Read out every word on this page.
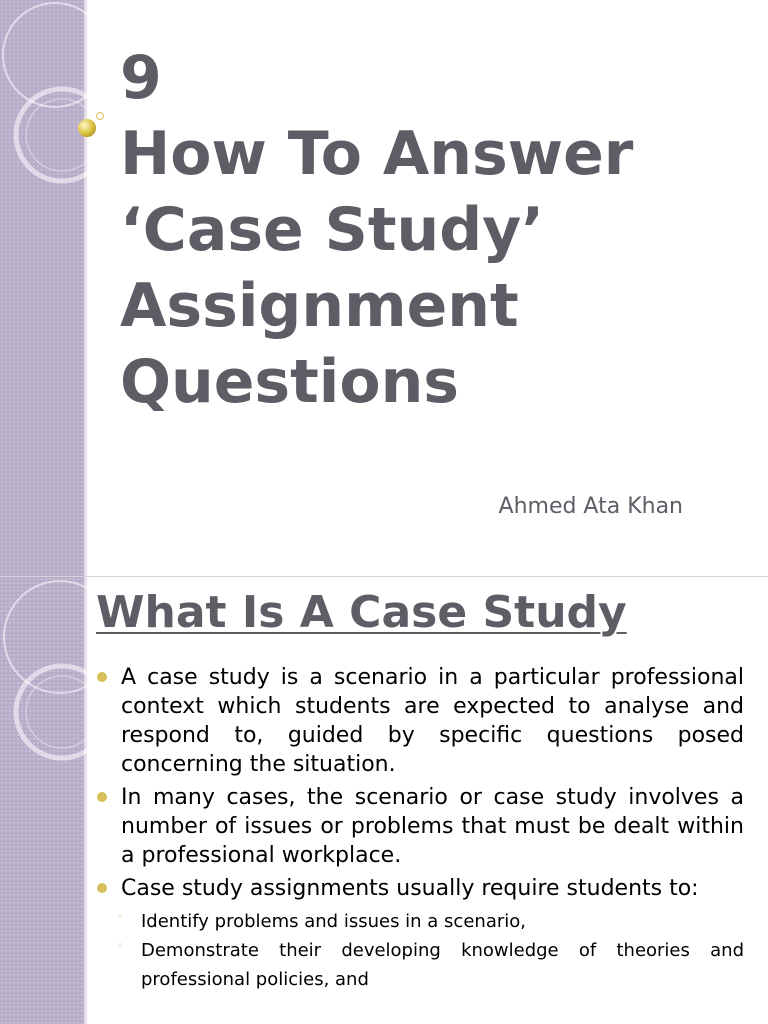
9
How To Answer
‘Case Study’
Assignment
Questions

Ahmed Ata Khan

What Is A Case Study
A case study is a scenario in a particular professional context which students are expected to analyse and respond to, guided by specific questions posed concerning the situation.
In many cases, the scenario or case study involves a number of issues or problems that must be dealt within a professional workplace.
Case study assignments usually require students to:
◦ Identify problems and issues in a scenario,
◦ Demonstrate their developing knowledge of theories and professional policies, and
